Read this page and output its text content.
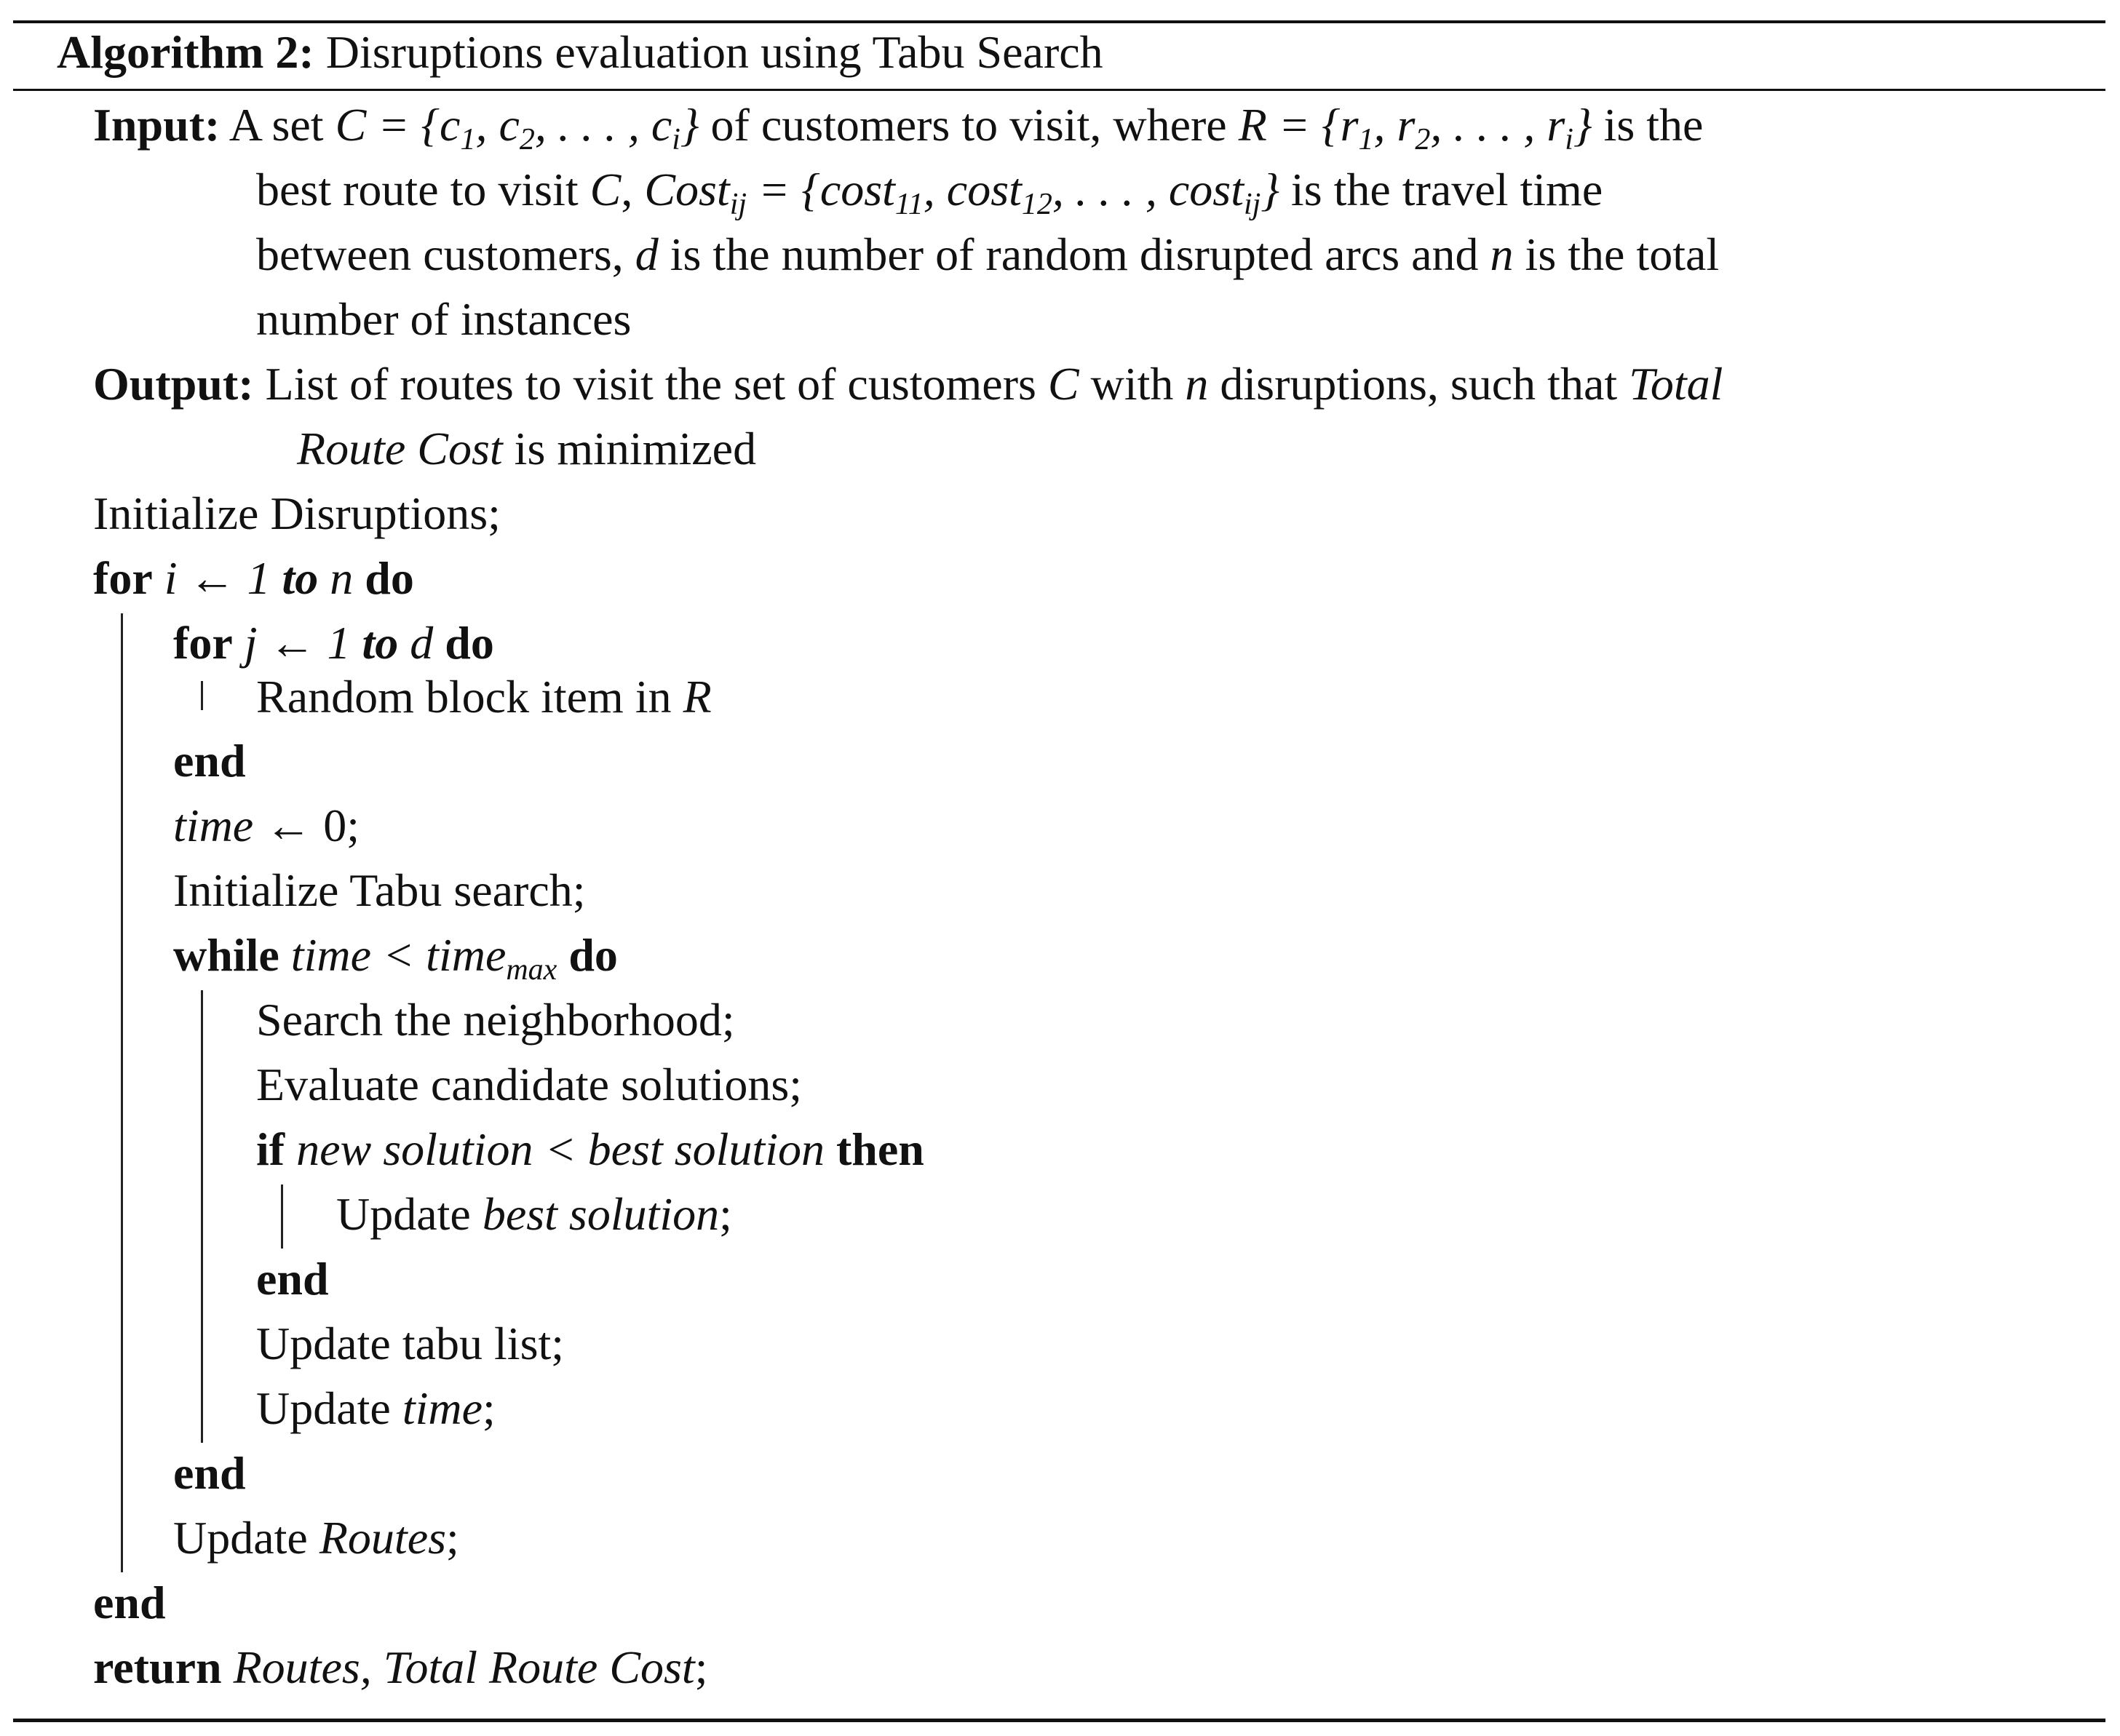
Algorithm 2: Disruptions evaluation using Tabu Search
Input: A set $C = \{c_1$, $c_2$, . . . , $c_i$} of customers to visit, where $R = \{r_1$, $r_2$, . . . , $r_i$} is the
best route to visit C, Cost$_{ij}$ = {cost$_{11}$, cost$_{12}$, . . . , cost$_{ij}$} is the travel time
between customers, d is the number of random disrupted arcs and n is the total
number of instances
Output: List of routes to visit the set of customers C with n disruptions, such that Total
Route Cost is minimized
Initialize Disruptions;
for i ← 1 to n do
for j ← 1 to d do
Random block item in R
end
time ← 0;
Initialize Tabu search;
while time < time$_{max}$ do
Search the neighborhood;
Evaluate candidate solutions;
if new solution < best solution then
Update best solution;
end
Update tabu list;
Update time;
end
Update Routes;
end
return Routes, Total Route Cost;
